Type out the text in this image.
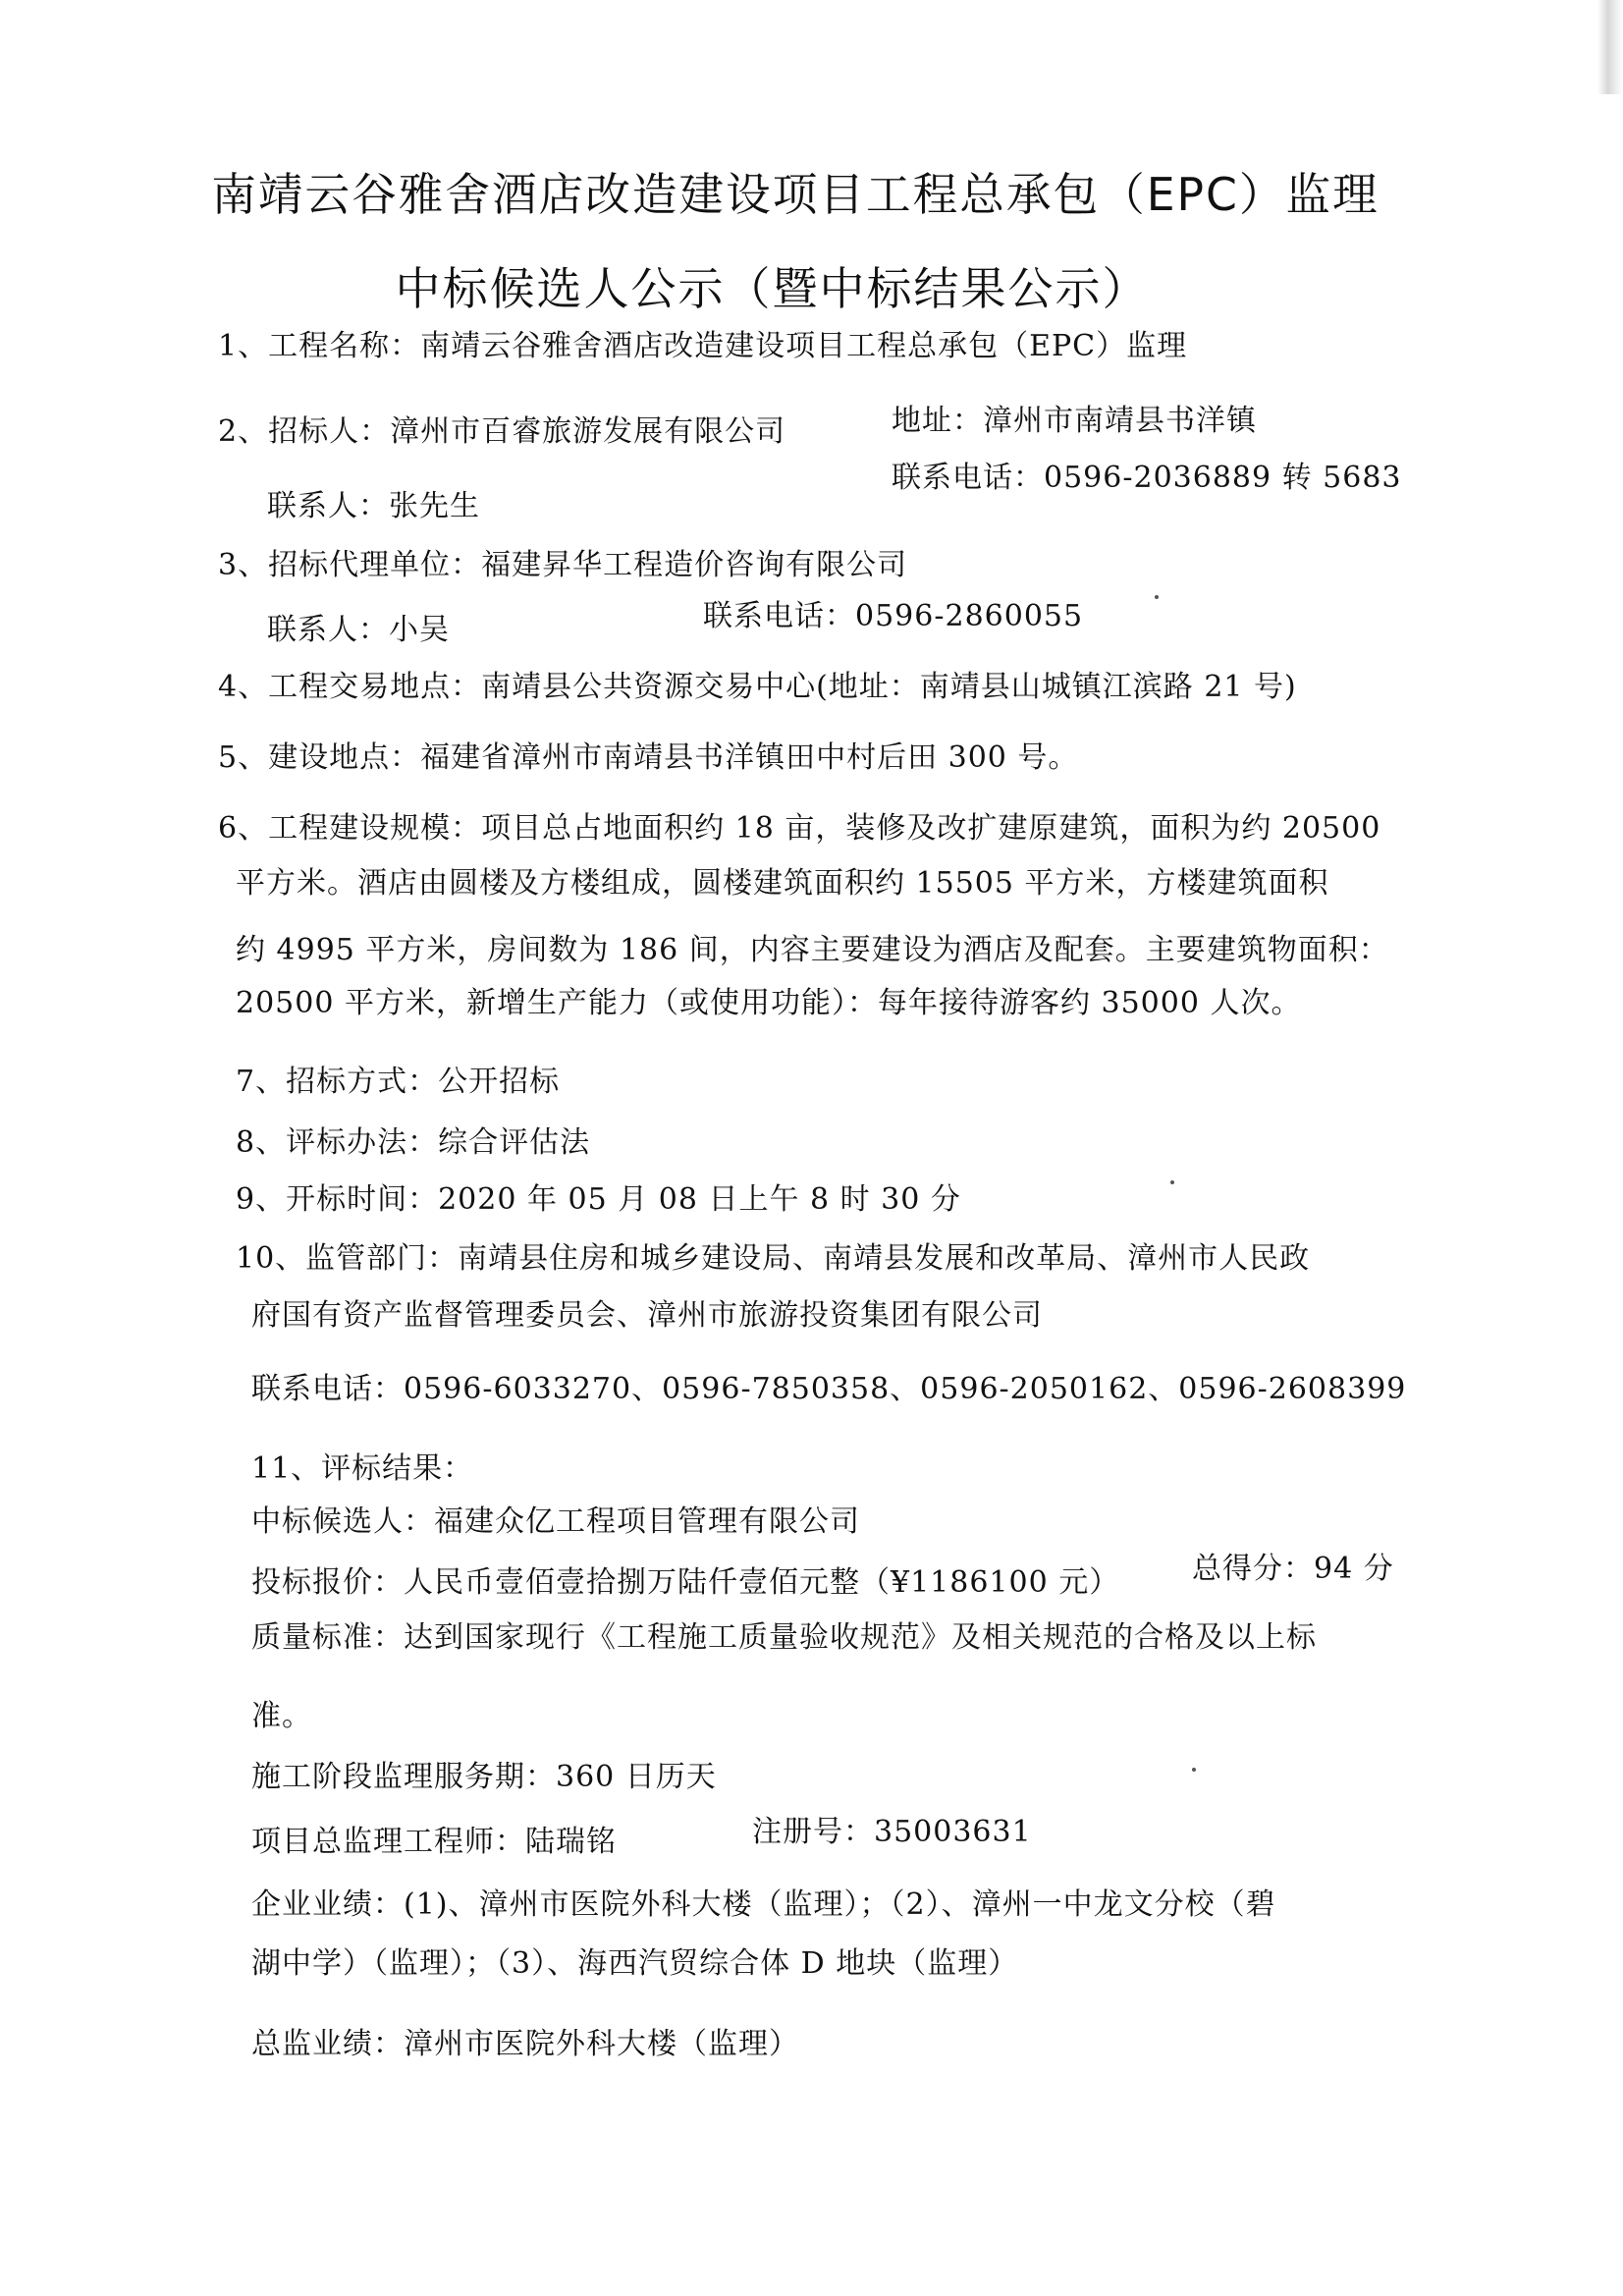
南靖云谷雅舍酒店改造建设项目工程总承包（EPC）监理
中标候选人公示（暨中标结果公示）
1、工程名称：南靖云谷雅舍酒店改造建设项目工程总承包（EPC）监理
2、招标人：漳州市百睿旅游发展有限公司	地址：漳州市南靖县书洋镇
联系电话：0596-2036889 转 5683
联系人：张先生
3、招标代理单位：福建昇华工程造价咨询有限公司
联系人：小吴	联系电话：0596-2860055
4、工程交易地点：南靖县公共资源交易中心(地址：南靖县山城镇江滨路 21 号)
5、建设地点：福建省漳州市南靖县书洋镇田中村后田 300 号。
6、工程建设规模：项目总占地面积约 18 亩，装修及改扩建原建筑，面积为约 20500
平方米。酒店由圆楼及方楼组成，圆楼建筑面积约 15505 平方米，方楼建筑面积
约 4995 平方米，房间数为 186 间，内容主要建设为酒店及配套。主要建筑物面积：
20500 平方米，新增生产能力（或使用功能）：每年接待游客约 35000 人次。
7、招标方式：公开招标
8、评标办法：综合评估法
9、开标时间：2020 年 05 月 08 日上午 8 时 30 分
10、监管部门：南靖县住房和城乡建设局、南靖县发展和改革局、漳州市人民政
府国有资产监督管理委员会、漳州市旅游投资集团有限公司
联系电话：0596-6033270、0596-7850358、0596-2050162、0596-2608399
11、评标结果：
中标候选人：福建众亿工程项目管理有限公司
投标报价：人民币壹佰壹拾捌万陆仟壹佰元整（¥1186100 元） 总得分：94 分
质量标准：达到国家现行《工程施工质量验收规范》及相关规范的合格及以上标
准。
施工阶段监理服务期：360 日历天
项目总监理工程师：陆瑞铭	注册号：35003631
企业业绩：(1)、漳州市医院外科大楼（监理）；（2）、漳州一中龙文分校（碧
湖中学）（监理）；（3）、海西汽贸综合体 D 地块（监理）
总监业绩：漳州市医院外科大楼（监理）
